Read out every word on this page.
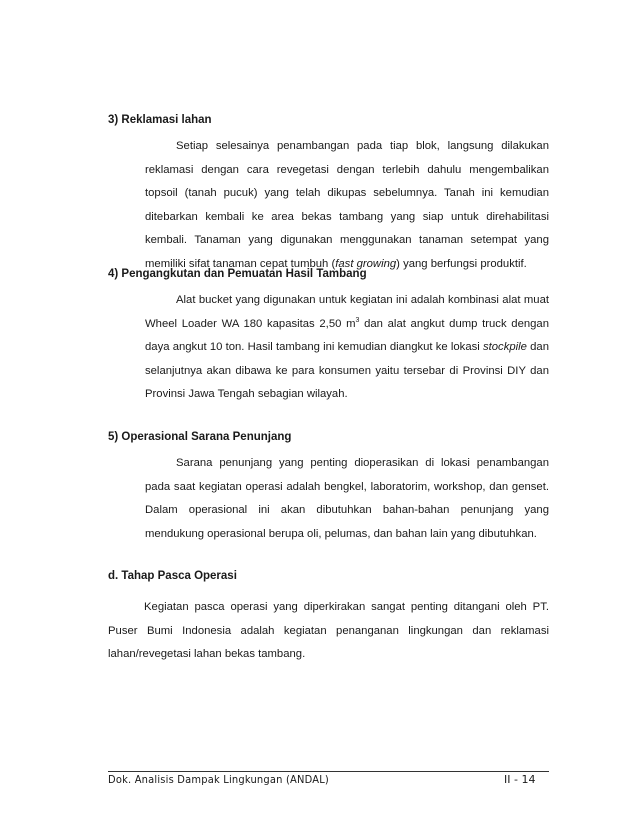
3) Reklamasi lahan

Setiap selesainya penambangan pada tiap blok, langsung dilakukan reklamasi dengan cara revegetasi dengan terlebih dahulu mengembalikan topsoil (tanah pucuk) yang telah dikupas sebelumnya. Tanah ini kemudian ditebarkan kembali ke area bekas tambang yang siap untuk direhabilitasi kembali. Tanaman yang digunakan menggunakan tanaman setempat yang memiliki sifat tanaman cepat tumbuh (fast growing) yang berfungsi produktif.

4) Pengangkutan dan Pemuatan Hasil Tambang

Alat bucket yang digunakan untuk kegiatan ini adalah kombinasi alat muat Wheel Loader WA 180 kapasitas 2,50 $m^3$ dan alat angkut dump truck dengan daya angkut 10 ton. Hasil tambang ini kemudian diangkut ke lokasi stockpile dan selanjutnya akan dibawa ke para konsumen yaitu tersebar di Provinsi DIY dan Provinsi Jawa Tengah sebagian wilayah.

5) Operasional Sarana Penunjang

Sarana penunjang yang penting dioperasikan di lokasi penambangan pada saat kegiatan operasi adalah bengkel, laboratorim, workshop, dan genset. Dalam operasional ini akan dibutuhkan bahan-bahan penunjang yang mendukung operasional berupa oli, pelumas, dan bahan lain yang dibutuhkan.

d. Tahap Pasca Operasi

Kegiatan pasca operasi yang diperkirakan sangat penting ditangani oleh PT. Puser Bumi Indonesia adalah kegiatan penanganan lingkungan dan reklamasi lahan/revegetasi lahan bekas tambang.

Dok. Analisis Dampak Lingkungan (ANDAL)	II - 14
